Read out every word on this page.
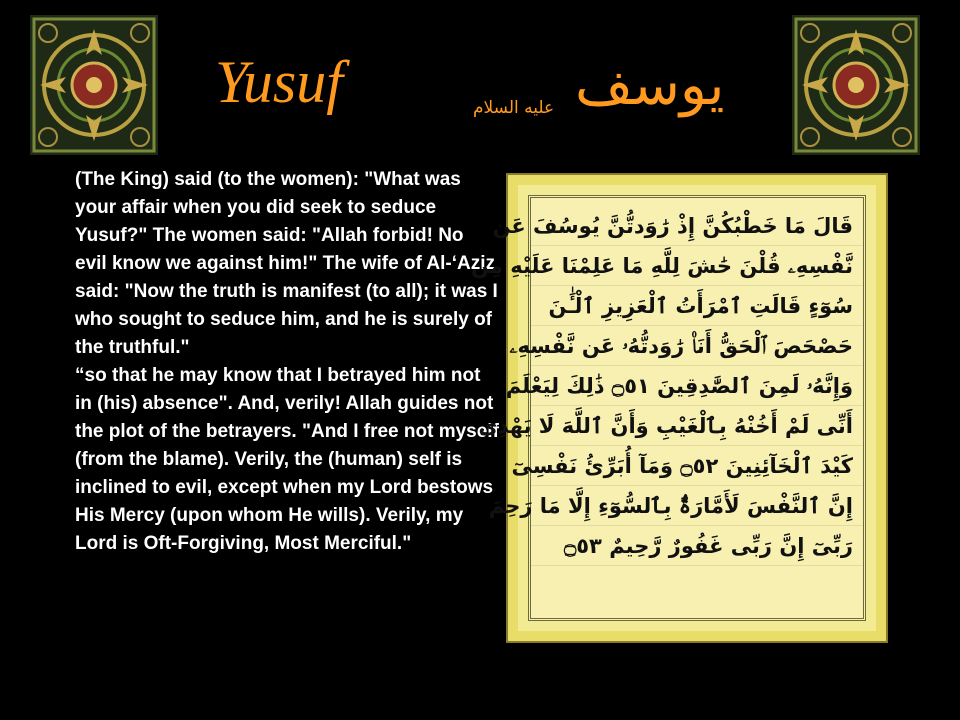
Yusuf	عليه السلام يوسف

(The King) said (to the women): "What was your affair when you did seek to seduce Yusuf?" The women said: "Allah forbid! No evil know we against him!" The wife of Al-‘Aziz said: "Now the truth is manifest (to all); it was I who sought to seduce him, and he is surely of the truthful."

“so that he may know that I betrayed him not in (his) absence". And, verily! Allah guides not the plot of the betrayers. "And I free not myself (from the blame). Verily, the (human) self is inclined to evil, except when my Lord bestows His Mercy (upon whom He wills). Verily, my Lord is Oft-Forgiving, Most Merciful."

قَالَ مَا خَطْبُكُنَّ إِذْ رَٰوَدتُّنَّ يُوسُفَ عَن
نَّفْسِهِۦ قُلْنَ حَٰشَ لِلَّهِ مَا عَلِمْنَا عَلَيْهِ مِن
سُوٓءٍ قَالَتِ ٱمْرَأَتُ ٱلْعَزِيزِ ٱلْـَٰٔنَ
حَصْحَصَ ٱلْحَقُّ أَنَا۠ رَٰوَدتُّهُۥ عَن نَّفْسِهِۦ
وَإِنَّهُۥ لَمِنَ ٱلصَّٰدِقِينَ ۝٥١ ذَٰلِكَ لِيَعْلَمَ
أَنِّى لَمْ أَخُنْهُ بِٱلْغَيْبِ وَأَنَّ ٱللَّهَ لَا يَهْدِى
كَيْدَ ٱلْخَآئِنِينَ ۝٥٢ وَمَآ أُبَرِّئُ نَفْسِىٓ
إِنَّ ٱلنَّفْسَ لَأَمَّارَةٌۢ بِٱلسُّوٓءِ إِلَّا مَا رَحِمَ
رَبِّىٓ إِنَّ رَبِّى غَفُورٌ رَّحِيمٌ ۝٥٣
